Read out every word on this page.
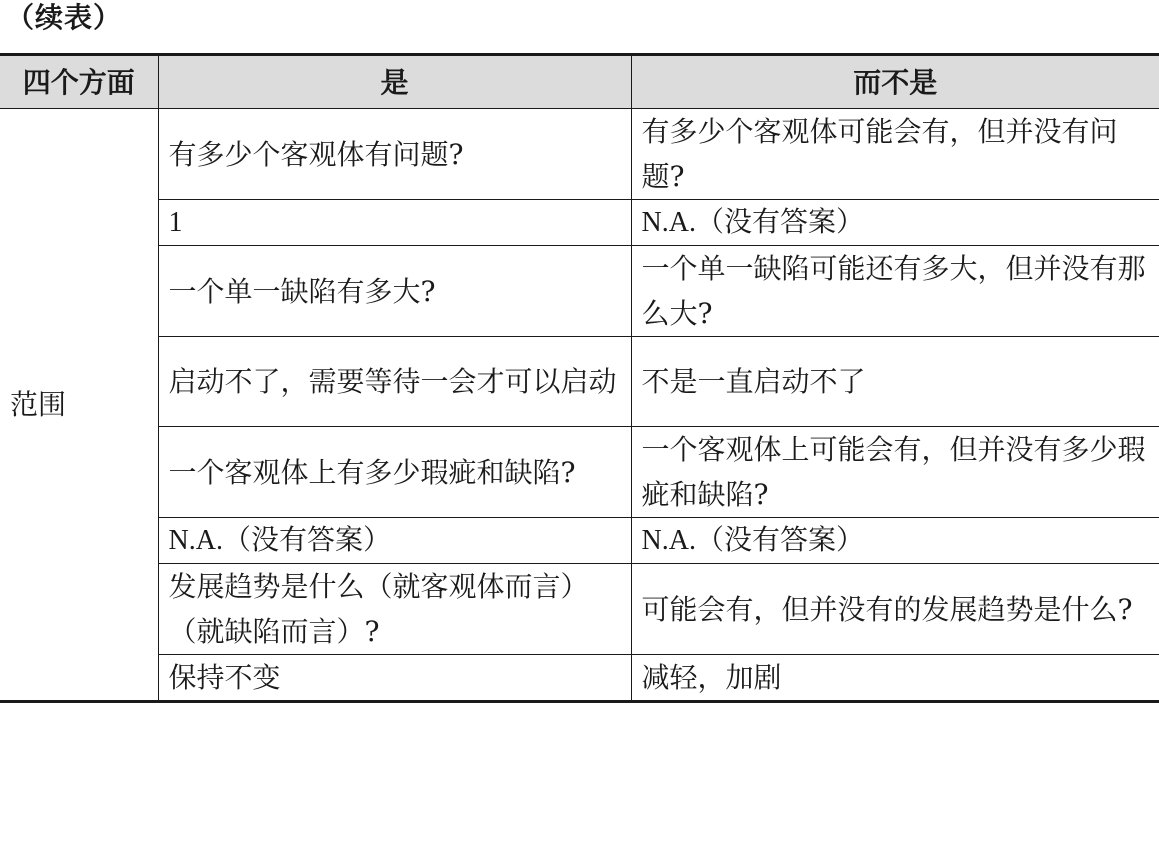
（续表）
四个方面	是	而不是
范围	有多少个客观体有问题?	有多少个客观体可能会有，但并没有问题?
	1	N.A.（没有答案）
	一个单一缺陷有多大?	一个单一缺陷可能还有多大，但并没有那么大?
	启动不了，需要等待一会才可以启动	不是一直启动不了
	一个客观体上有多少瑕疵和缺陷?	一个客观体上可能会有，但并没有多少瑕疵和缺陷?
	N.A.（没有答案）	N.A.（没有答案）
	发展趋势是什么（就客观体而言）（就缺陷而言）?	可能会有，但并没有的发展趋势是什么?
	保持不变	减轻，加剧
